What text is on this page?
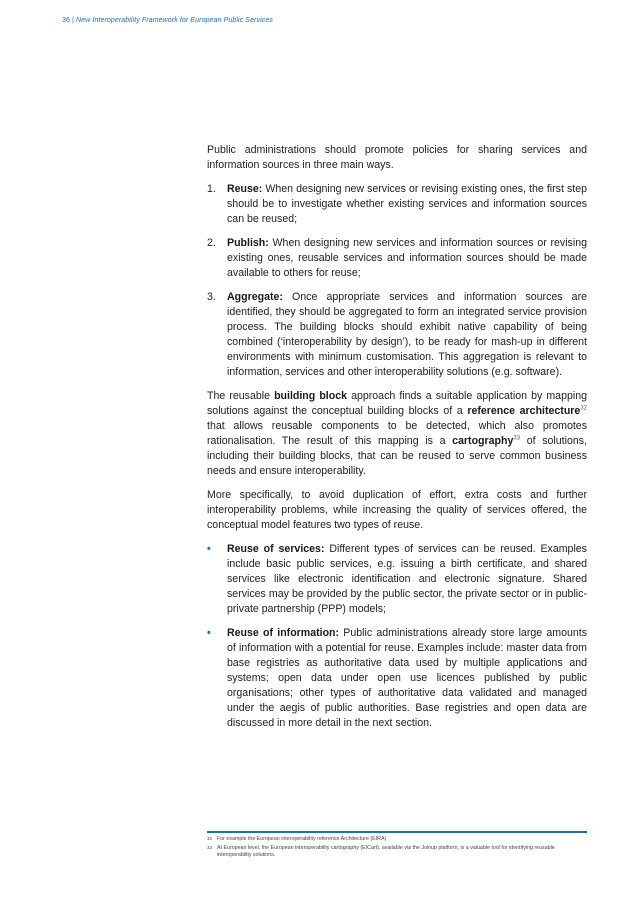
36 | New Interoperability Framework for European Public Services

Public administrations should promote policies for sharing services and information sources in three main ways.

1. Reuse: When designing new services or revising existing ones, the first step should be to investigate whether existing services and information sources can be reused;
2. Publish: When designing new services and information sources or revising existing ones, reusable services and information sources should be made available to others for reuse;
3. Aggregate: Once appropriate services and information sources are identified, they should be aggregated to form an integrated service provision process. The building blocks should exhibit native capability of being combined (‘interoperability by design’), to be ready for mash-up in different environments with minimum customisation. This aggregation is relevant to information, services and other interoperability solutions (e.g. software).

The reusable building block approach finds a suitable application by mapping solutions against the conceptual building blocks of a reference architecture$^{32}$ that allows reusable components to be detected, which also promotes rationalisation. The result of this mapping is a cartography$^{33}$ of solutions, including their building blocks, that can be reused to serve common business needs and ensure interoperability.

More specifically, to avoid duplication of effort, extra costs and further interoperability problems, while increasing the quality of services offered, the conceptual model features two types of reuse.

• Reuse of services: Different types of services can be reused. Examples include basic public services, e.g. issuing a birth certificate, and shared services like electronic identification and electronic signature. Shared services may be provided by the public sector, the private sector or in public-private partnership (PPP) models;
• Reuse of information: Public administrations already store large amounts of information with a potential for reuse. Examples include: master data from base registries as authoritative data used by multiple applications and systems; open data under open use licences published by public organisations; other types of authoritative data validated and managed under the aegis of public authorities. Base registries and open data are discussed in more detail in the next section.
32 For example the European interoperability reference Architecture (EIRA)
33 At European level, the European interoperability cartography (EICart), available via the Joinup platform, is a valuable tool for identifying reusable interoperability solutions.
